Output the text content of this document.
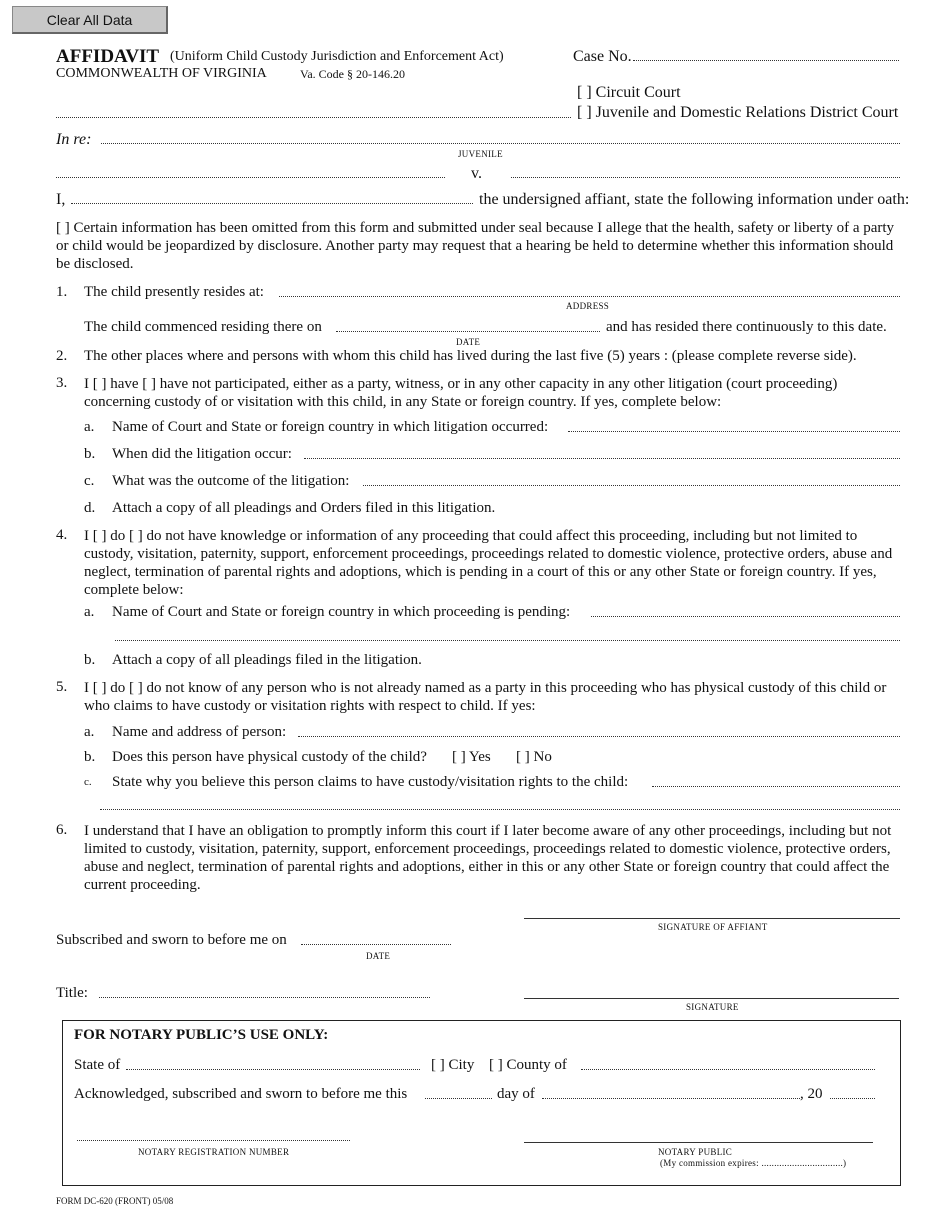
Clear All Data
AFFIDAVIT (Uniform Child Custody Jurisdiction and Enforcement Act)
COMMONWEALTH OF VIRGINIA	Va. Code § 20-146.20
Case No.
[ ] Circuit Court
[ ] Juvenile and Domestic Relations District Court
In re:
JUVENILE
v.
I,	the undersigned affiant, state the following information under oath:
[ ] Certain information has been omitted from this form and submitted under seal because I allege that the health, safety or liberty of a party or child would be jeopardized by disclosure. Another party may request that a hearing be held to determine whether this information should be disclosed.
1. The child presently resides at:
ADDRESS
The child commenced residing there on	and has resided there continuously to this date.
DATE
2. The other places where and persons with whom this child has lived during the last five (5) years : (please complete reverse side).
3. I [ ] have [ ] have not participated, either as a party, witness, or in any other capacity in any other litigation (court proceeding) concerning custody of or visitation with this child, in any State or foreign country. If yes, complete below:
a. Name of Court and State or foreign country in which litigation occurred:
b. When did the litigation occur:
c. What was the outcome of the litigation:
d. Attach a copy of all pleadings and Orders filed in this litigation.
4. I [ ] do [ ] do not have knowledge or information of any proceeding that could affect this proceeding, including but not limited to custody, visitation, paternity, support, enforcement proceedings, proceedings related to domestic violence, protective orders, abuse and neglect, termination of parental rights and adoptions, which is pending in a court of this or any other State or foreign country. If yes, complete below:
a. Name of Court and State or foreign country in which proceeding is pending:
b. Attach a copy of all pleadings filed in the litigation.
5. I [ ] do [ ] do not know of any person who is not already named as a party in this proceeding who has physical custody of this child or who claims to have custody or visitation rights with respect to child. If yes:
a. Name and address of person:
b. Does this person have physical custody of the child? [ ] Yes [ ] No
c. State why you believe this person claims to have custody/visitation rights to the child:
6. I understand that I have an obligation to promptly inform this court if I later become aware of any other proceedings, including but not limited to custody, visitation, paternity, support, enforcement proceedings, proceedings related to domestic violence, protective orders, abuse and neglect, termination of parental rights and adoptions, either in this or any other State or foreign country that could affect the current proceeding.
SIGNATURE OF AFFIANT
Subscribed and sworn to before me on
DATE
Title:
SIGNATURE
FOR NOTARY PUBLIC’S USE ONLY:
State of	[ ] City [ ] County of
Acknowledged, subscribed and sworn to before me this	day of	, 20
NOTARY REGISTRATION NUMBER	NOTARY PUBLIC
(My commission expires: ................................)
FORM DC-620 (FRONT) 05/08
